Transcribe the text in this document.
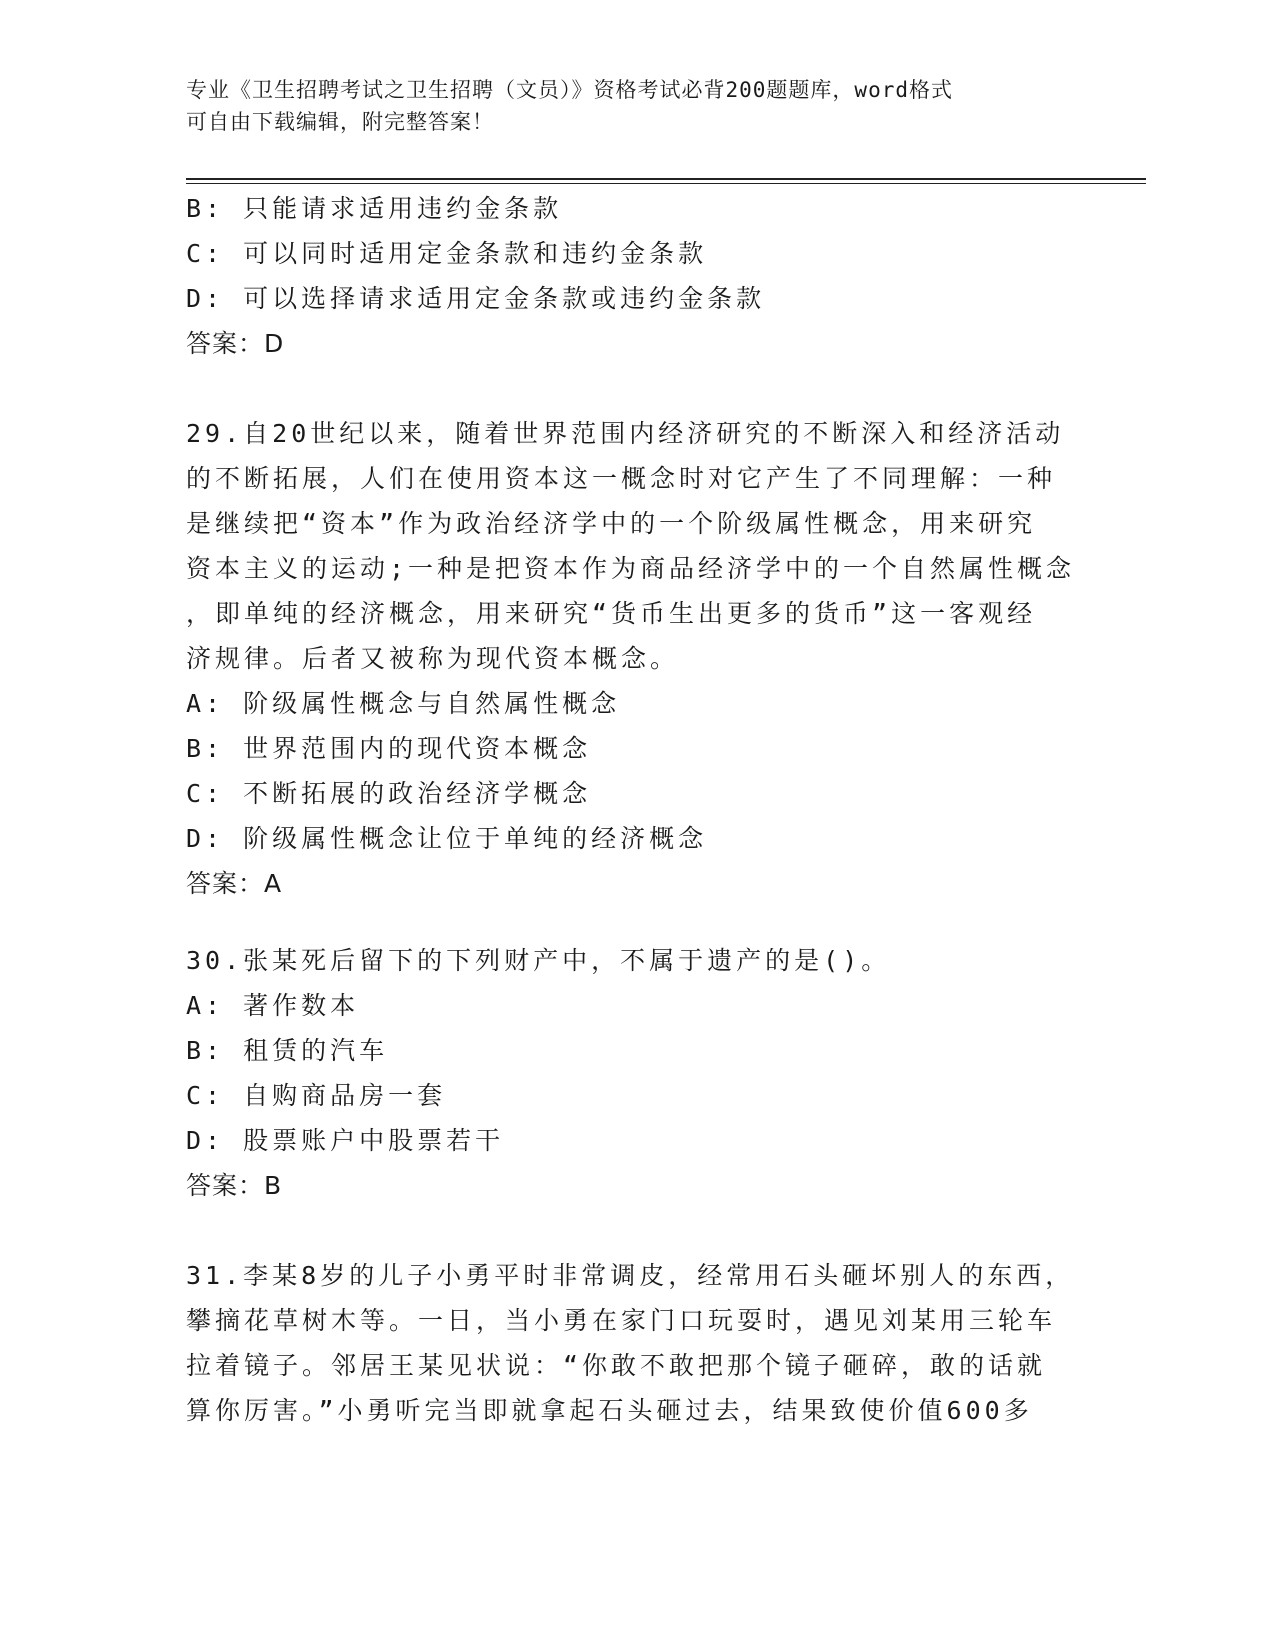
专业《卫生招聘考试之卫生招聘（文员）》资格考试必背200题题库，word格式
可自由下载编辑，附完整答案！
B: 只能请求适用违约金条款
C: 可以同时适用定金条款和违约金条款
D: 可以选择请求适用定金条款或违约金条款
答案：D
29.自20世纪以来，随着世界范围内经济研究的不断深入和经济活动
的不断拓展，人们在使用资本这一概念时对它产生了不同理解：一种
是继续把“资本”作为政治经济学中的一个阶级属性概念，用来研究
资本主义的运动;一种是把资本作为商品经济学中的一个自然属性概念
，即单纯的经济概念，用来研究“货币生出更多的货币”这一客观经
济规律。后者又被称为现代资本概念。
A: 阶级属性概念与自然属性概念
B: 世界范围内的现代资本概念
C: 不断拓展的政治经济学概念
D: 阶级属性概念让位于单纯的经济概念
答案：A
30.张某死后留下的下列财产中，不属于遗产的是()。
A: 著作数本
B: 租赁的汽车
C: 自购商品房一套
D: 股票账户中股票若干
答案：B
31.李某8岁的儿子小勇平时非常调皮，经常用石头砸坏别人的东西，
攀摘花草树木等。一日，当小勇在家门口玩耍时，遇见刘某用三轮车
拉着镜子。邻居王某见状说：“你敢不敢把那个镜子砸碎，敢的话就
算你厉害。”小勇听完当即就拿起石头砸过去，结果致使价值600多
